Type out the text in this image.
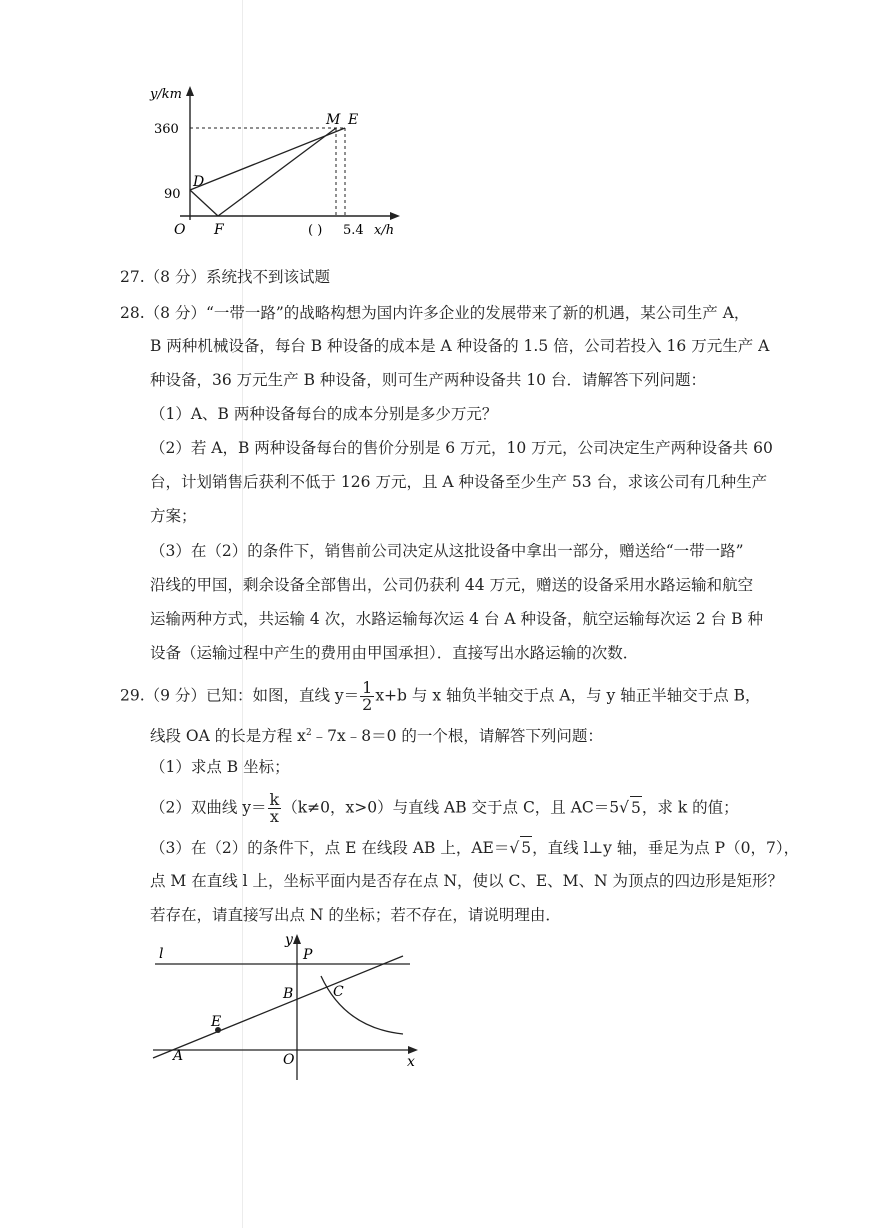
y/km
360
90
D
O F	( ) 5.4 x/h
M E
27.（8 分）系统找不到该试题
28.（8 分）“一带一路”的战略构想为国内许多企业的发展带来了新的机遇，某公司生产 A，
B 两种机械设备，每台 B 种设备的成本是 A 种设备的 1.5 倍，公司若投入 16 万元生产 A
种设备，36 万元生产 B 种设备，则可生产两种设备共 10 台．请解答下列问题：
（1）A、B 两种设备每台的成本分别是多少万元？
（2）若 A，B 两种设备每台的售价分别是 6 万元，10 万元，公司决定生产两种设备共 60
台，计划销售后获利不低于 126 万元，且 A 种设备至少生产 53 台，求该公司有几种生产
方案；
（3）在（2）的条件下，销售前公司决定从这批设备中拿出一部分，赠送给“一带一路”
沿线的甲国，剩余设备全部售出，公司仍获利 44 万元，赠送的设备采用水路运输和航空
运输两种方式，共运输 4 次，水路运输每次运 4 台 A 种设备，航空运输每次运 2 台 B 种
设备（运输过程中产生的费用由甲国承担）．直接写出水路运输的次数．
29.（9 分）已知：如图，直线 $y= \frac{1}{2} x+b$ 与 x 轴负半轴交于点 A，与 y 轴正半轴交于点 B，
线段 OA 的长是方程 $x^2﹣7x﹣8=0$ 的一个根，请解答下列问题：
（1）求点 B 坐标；
（2）双曲线 $y= \frac{k}{x} (k\ne 0$，x>0）与直线 AB 交于点 C，且 AC＝5√ 5，求 k 的值；
（3）在（2）的条件下，点 E 在线段 AB 上，AE＝√ 5，直线 l⊥y 轴，垂足为点 P（0，7），
点 M 在直线 l 上，坐标平面内是否存在点 N，使以 C、E、M、N 为顶点的四边形是矩形？
若存在，请直接写出点 N 的坐标；若不存在，请说明理由．
l
y
P
B	C
E
A	O	x
